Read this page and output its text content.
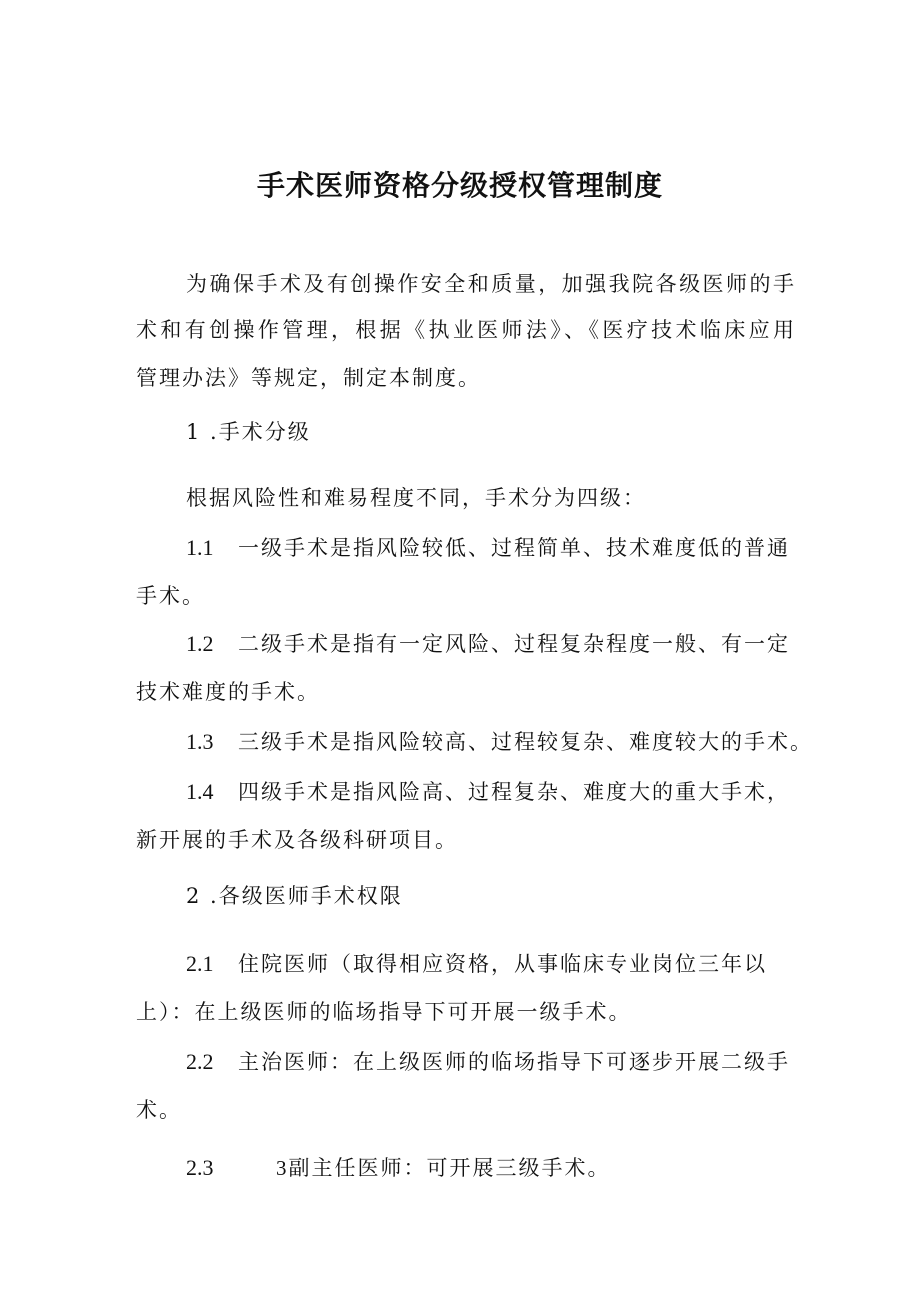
手术医师资格分级授权管理制度
为确保手术及有创操作安全和质量，加强我院各级医师的手
术和有创操作管理，根据《执业医师法》、《医疗技术临床应用
管理办法》等规定，制定本制度。
1 .手术分级
根据风险性和难易程度不同，手术分为四级：
1.1 一级手术是指风险较低、过程简单、技术难度低的普通
手术。
1.2 二级手术是指有一定风险、过程复杂程度一般、有一定
技术难度的手术。
1.3 三级手术是指风险较高、过程较复杂、难度较大的手术。
1.4 四级手术是指风险高、过程复杂、难度大的重大手术，
新开展的手术及各级科研项目。
2 .各级医师手术权限
2.1 住院医师（取得相应资格，从事临床专业岗位三年以
上）：在上级医师的临场指导下可开展一级手术。
2.2 主治医师：在上级医师的临场指导下可逐步开展二级手
术。
2.3	3副主任医师：可开展三级手术。
